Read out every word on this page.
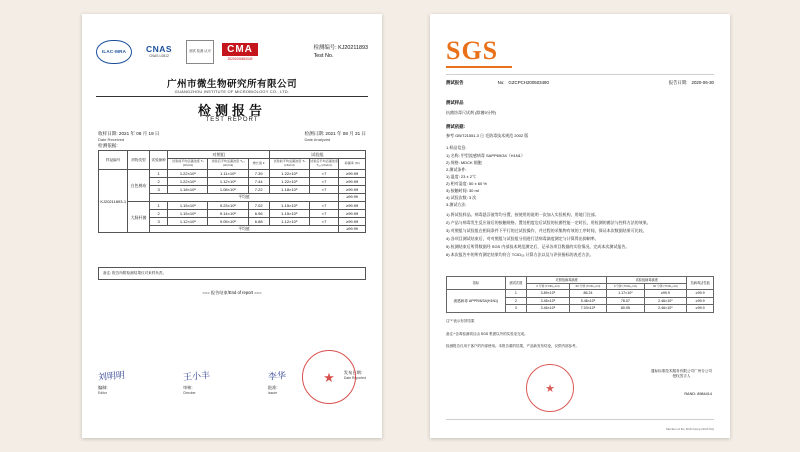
ILAC-MRA CNAS
CNAS L0812
测试 检测 认可	CMA
20201006653049
检测编号: KJ20211893
Test No.
广州市微生物研究所有限公司
GUANGZHOU INSTITUTE OF MICROBIOLOGY CO., LTD.
检测报告
TEST REPORT
收样日期: 2021 年 08 月 19 日
Date Received
检测日期: 2021 年 08 月 31 日
Date Analyzed
检测依据:
样品编号	织物类型	试验菌种	对照组			试验组		
			试验前平均活菌浓度 Tₒ (cfu/ml)	试验后平均活菌浓度 T₂₄ (cfu/ml)	增长值 F	试验前平均活菌浓度 Tₒ (cfu/ml)	试验后平均活菌浓度 T₂₄ (cfu/ml)	抑菌率 (%)
KJ20211893-1	白色棉布	1	1.22×10⁵	1.11×10⁶	7.39	1.22×10⁵	<7	≥99.99
		2	1.22×10⁵	1.12×10⁶	7.44	1.22×10⁵	<7	≥99.99
		3	1.18×10⁵	1.08×10⁶	7.22	1.18×10⁵	<7	≥99.99
		平均值						≥99.99
	大肠杆菌	1	1.15×10⁵	9.23×10⁵	7.02	1.15×10⁵	<7	≥99.99
		2	1.15×10⁵	9.14×10⁵	6.96	1.15×10⁵	<7	≥99.99
		3	1.12×10⁵	9.05×10⁵	6.88	1.12×10⁵	<7	≥99.99
		平均值						≥99.99
备注: 报告所附检测结果仅对来样负责。
=== 报告结束/End of report ===
刘明明
编制:
Editor
王小丰
审核:
Checker
李华
批准:
Issuer
发布日期:
Date Reported
★
SGS
测试报告	No: GZCPCH200503490	报告日期: 2020-06-30
测试样品
抗菌纺毒尺试剂 (除菌5分钟)
测试依据:
参考 GB/T21551.3 日 毛防毒技术规范 2002 版
1.样品信息:
1) 名称: 甲型流感病毒 SAPP69/34（H1N1）
2) 规格: MDCK 细胞
2.测试条件:
1) 温度: 23 ± 2℃
2) 相对湿度: 50 ± 60 %
3) 接触时间: 30 mI
4) 试验次数: 3 次
3.测试方法:
1) 将试验样品、病毒悬浮液等均分置，按使用的说明一次加入实验机构，用地门注部。
2) 产品与病毒发生反应前后的接触规格。置处相度边后试验的抗菌性能一定时长，用检测的菌法与控样方法的效果。
3) 对照组与试验组在相同条件下平行的过试验操作，并过程的采集物有效的工序时间，保证本次数据结果可比较。
4) 各项目测试结束后，对对照组与试验组分别进行活病毒滴度测定与计算得出抑制率。
5) 检测结束后所得数据经 SGS 内部技术规范测定后，记录各项目数据的实验情况，完成本次测试报告。
6) 本次报告中的所有测定结果均符合 TCID₅₀ 计算方法以及与评价指标的表述方法。
指标	测试次数	对照组病毒滴度		试验组病毒滴度		抗病毒活性值
		0 分钟 (TCID₅₀/ml)	60 分钟 (TCID₅₀/ml)	0 分钟 (TCID₅₀/ml)	60 分钟 (TCID₅₀/ml)	
流感病毒 APPR/8/34(H1N1)	1	3.89×10⁶	86.24	1.17×10⁰	≥99.9	≥99.9
	2	3.46×10⁶	5.46×10⁶	78.07	2.46×10⁰	≥99.9
	3	3.46×10⁶	7.03×10⁶	80.95	2.46×10⁰	≥99.9
注"*"表示有效结果
备注:*含毒检测项目由 SGS 集团以外的实验室完成。
检测报告仅用于客户的内部使用。本报告重的结果、产品新发布结论，仅供内部参考。
通标标准技术服务有限公司广州分公司
授权签字人
RAND: 8984414
★
Member of the SGS Group (SGS SA)
